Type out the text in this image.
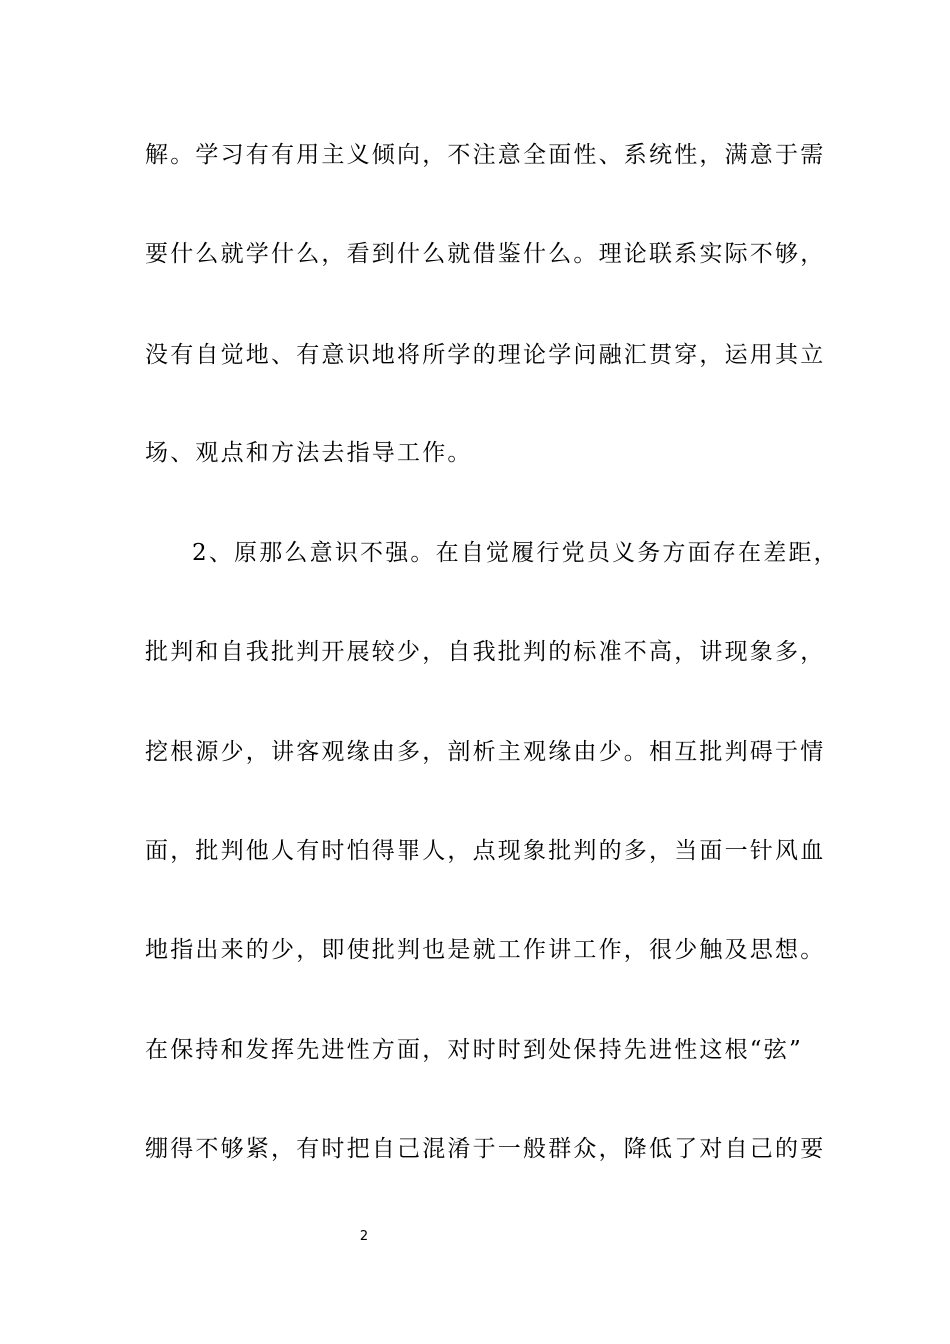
解。学习有有用主义倾向，不注意全面性、系统性，满意于需
要什么就学什么，看到什么就借鉴什么。理论联系实际不够，
没有自觉地、有意识地将所学的理论学问融汇贯穿，运用其立
场、观点和方法去指导工作。
2、原那么意识不强。在自觉履行党员义务方面存在差距，
批判和自我批判开展较少，自我批判的标准不高，讲现象多，
挖根源少，讲客观缘由多，剖析主观缘由少。相互批判碍于情
面，批判他人有时怕得罪人，点现象批判的多，当面一针风血
地指出来的少，即使批判也是就工作讲工作，很少触及思想。
在保持和发挥先进性方面，对时时到处保持先进性这根“弦”
绷得不够紧，有时把自己混淆于一般群众，降低了对自己的要
2
